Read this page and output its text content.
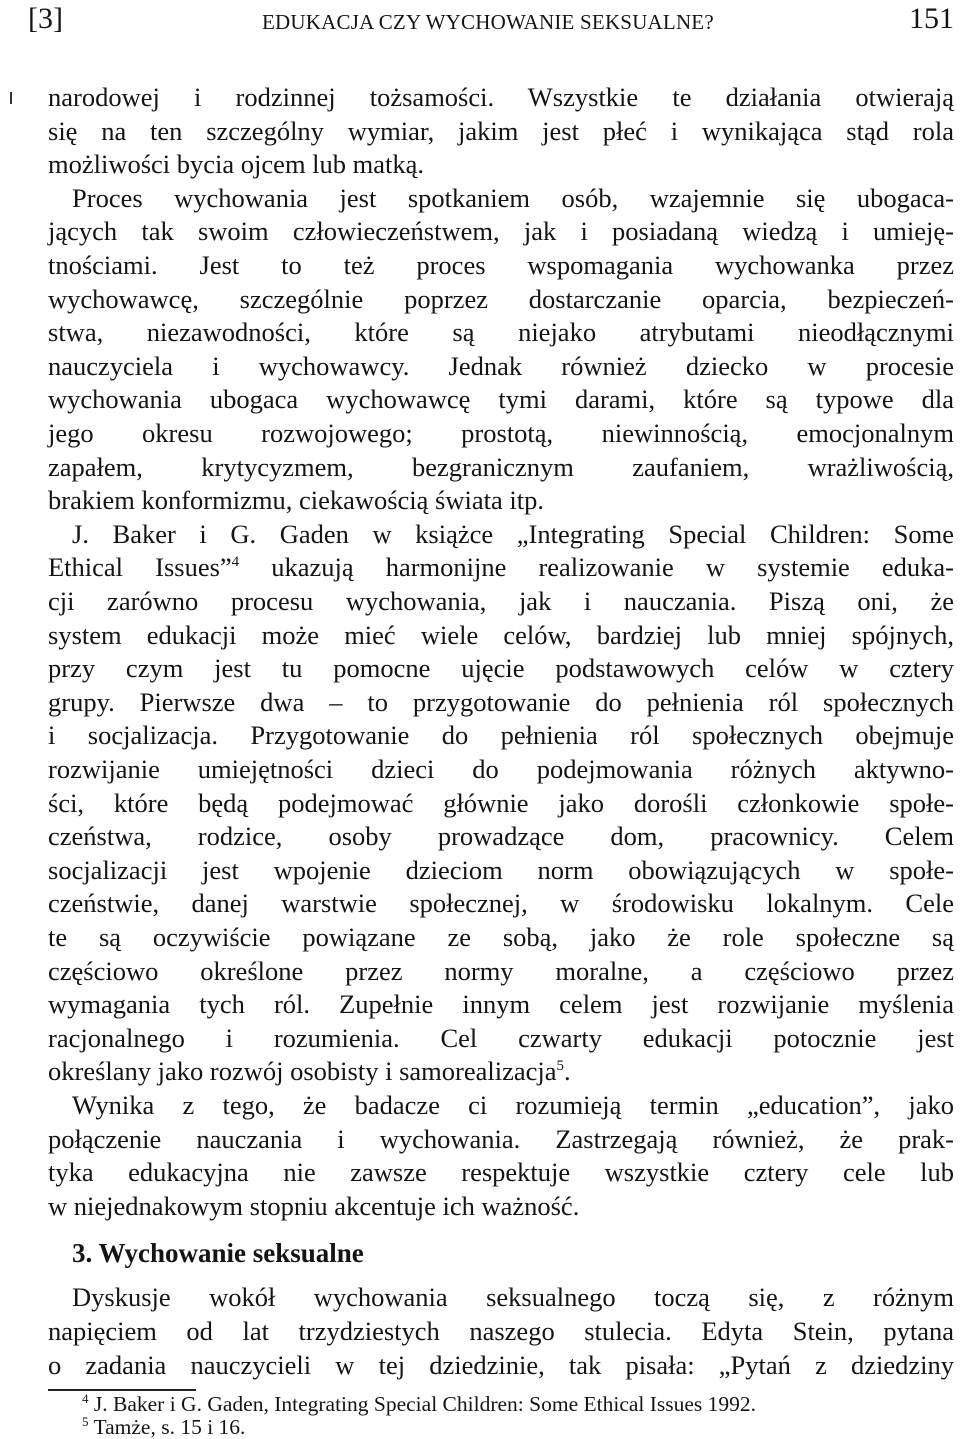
[3]	EDUKACJA CZY WYCHOWANIE SEKSUALNE?	151
narodowej i rodzinnej tożsamości. Wszystkie te działania otwierają
się na ten szczególny wymiar, jakim jest płeć i wynikająca stąd rola
możliwości bycia ojcem lub matką.
Proces wychowania jest spotkaniem osób, wzajemnie się ubogaca-
jących tak swoim człowieczeństwem, jak i posiadaną wiedzą i umieję-
tnościami. Jest to też proces wspomagania wychowanka przez
wychowawcę, szczególnie poprzez dostarczanie oparcia, bezpieczeń-
stwa, niezawodności, które są niejako atrybutami nieodłącznymi
nauczyciela i wychowawcy. Jednak również dziecko w procesie
wychowania ubogaca wychowawcę tymi darami, które są typowe dla
jego okresu rozwojowego; prostotą, niewinnością, emocjonalnym
zapałem, krytycyzmem, bezgranicznym zaufaniem, wrażliwością,
brakiem konformizmu, ciekawością świata itp.
J. Baker i G. Gaden w książce „Integrating Special Children: Some
Ethical Issues”$^4$ ukazują harmonijne realizowanie w systemie eduka-
cji zarówno procesu wychowania, jak i nauczania. Piszą oni, że
system edukacji może mieć wiele celów, bardziej lub mniej spójnych,
przy czym jest tu pomocne ujęcie podstawowych celów w cztery
grupy. Pierwsze dwa – to przygotowanie do pełnienia ról społecznych
i socjalizacja. Przygotowanie do pełnienia ról społecznych obejmuje
rozwijanie umiejętności dzieci do podejmowania różnych aktywno-
ści, które będą podejmować głównie jako dorośli członkowie społe-
czeństwa, rodzice, osoby prowadzące dom, pracownicy. Celem
socjalizacji jest wpojenie dzieciom norm obowiązujących w społe-
czeństwie, danej warstwie społecznej, w środowisku lokalnym. Cele
te są oczywiście powiązane ze sobą, jako że role społeczne są
częściowo określone przez normy moralne, a częściowo przez
wymagania tych ról. Zupełnie innym celem jest rozwijanie myślenia
racjonalnego i rozumienia. Cel czwarty edukacji potocznie jest
określany jako rozwój osobisty i samorealizacja$^5$.
Wynika z tego, że badacze ci rozumieją termin „education”, jako
połączenie nauczania i wychowania. Zastrzegają również, że prak-
tyka edukacyjna nie zawsze respektuje wszystkie cztery cele lub
w niejednakowym stopniu akcentuje ich ważność.
3. Wychowanie seksualne
Dyskusje wokół wychowania seksualnego toczą się, z różnym
napięciem od lat trzydziestych naszego stulecia. Edyta Stein, pytana
o zadania nauczycieli w tej dziedzinie, tak pisała: „Pytań z dziedziny
$^4$ J. Baker i G. Gaden, Integrating Special Children: Some Ethical Issues 1992.
$^5$ Tamże, s. 15 i 16.
